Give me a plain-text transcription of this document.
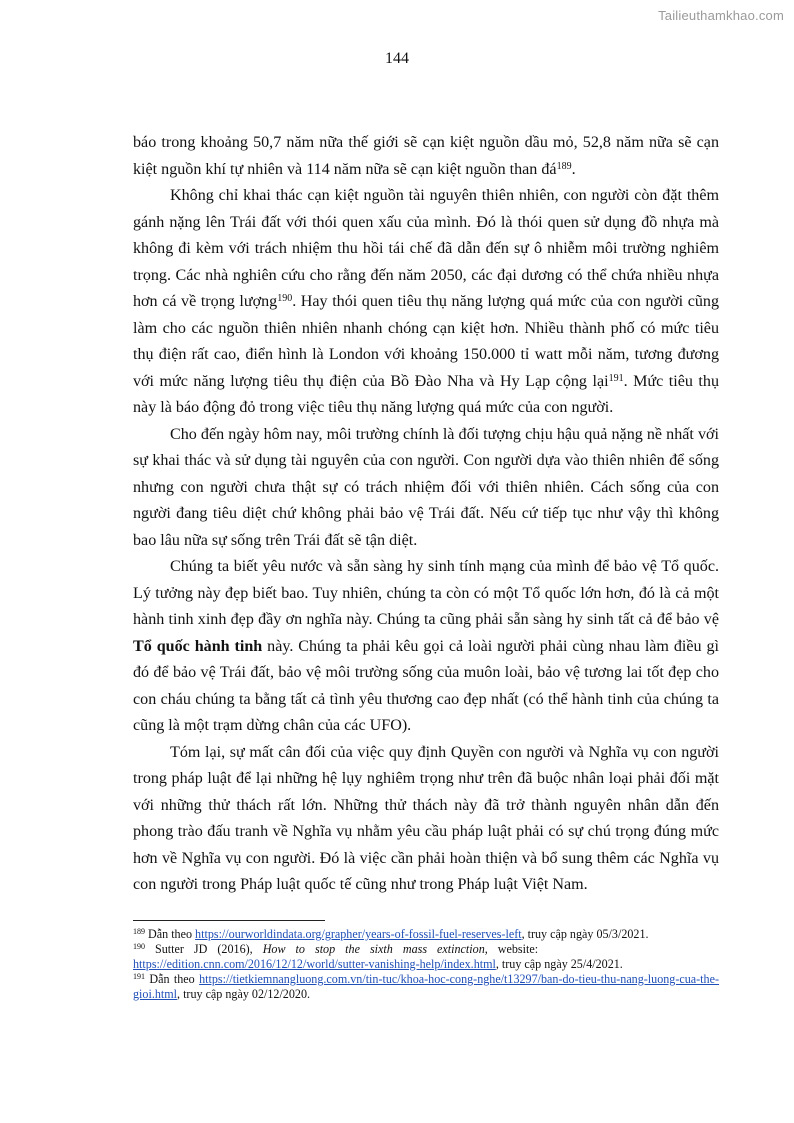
Tailieuthamkhao.com
144

báo trong khoảng 50,7 năm nữa thế giới sẽ cạn kiệt nguồn dầu mỏ, 52,8 năm nữa sẽ cạn kiệt nguồn khí tự nhiên và 114 năm nữa sẽ cạn kiệt nguồn than $đá^{189}$.

Không chỉ khai thác cạn kiệt nguồn tài nguyên thiên nhiên, con người còn đặt thêm gánh nặng lên Trái đất với thói quen xấu của mình. Đó là thói quen sử dụng đồ nhựa mà không đi kèm với trách nhiệm thu hồi tái chế đã dẫn đến sự ô nhiễm môi trường nghiêm trọng. Các nhà nghiên cứu cho rằng đến năm 2050, các đại dương có thể chứa nhiều nhựa hơn cá về trọng lượng$^{190}$. Hay thói quen tiêu thụ năng lượng quá mức của con người cũng làm cho các nguồn thiên nhiên nhanh chóng cạn kiệt hơn. Nhiều thành phố có mức tiêu thụ điện rất cao, điển hình là London với khoảng 150.000 tỉ watt mỗi năm, tương đương với mức năng lượng tiêu thụ điện của Bồ Đào Nha và Hy Lạp cộng lại$^{191}$. Mức tiêu thụ này là báo động đỏ trong việc tiêu thụ năng lượng quá mức của con người.

Cho đến ngày hôm nay, môi trường chính là đối tượng chịu hậu quả nặng nề nhất với sự khai thác và sử dụng tài nguyên của con người. Con người dựa vào thiên nhiên để sống nhưng con người chưa thật sự có trách nhiệm đối với thiên nhiên. Cách sống của con người đang tiêu diệt chứ không phải bảo vệ Trái đất. Nếu cứ tiếp tục như vậy thì không bao lâu nữa sự sống trên Trái đất sẽ tận diệt.

Chúng ta biết yêu nước và sẵn sàng hy sinh tính mạng của mình để bảo vệ Tổ quốc. Lý tưởng này đẹp biết bao. Tuy nhiên, chúng ta còn có một Tổ quốc lớn hơn, đó là cả một hành tinh xinh đẹp đầy ơn nghĩa này. Chúng ta cũng phải sẵn sàng hy sinh tất cả để bảo vệ Tổ quốc hành tinh này. Chúng ta phải kêu gọi cả loài người phải cùng nhau làm điều gì đó để bảo vệ Trái đất, bảo vệ môi trường sống của muôn loài, bảo vệ tương lai tốt đẹp cho con cháu chúng ta bằng tất cả tình yêu thương cao đẹp nhất (có thể hành tinh của chúng ta cũng là một trạm dừng chân của các UFO).

Tóm lại, sự mất cân đối của việc quy định Quyền con người và Nghĩa vụ con người trong pháp luật để lại những hệ lụy nghiêm trọng như trên đã buộc nhân loại phải đối mặt với những thử thách rất lớn. Những thử thách này đã trở thành nguyên nhân dẫn đến phong trào đấu tranh về Nghĩa vụ nhằm yêu cầu pháp luật phải có sự chú trọng đúng mức hơn về Nghĩa vụ con người. Đó là việc cần phải hoàn thiện và bổ sung thêm các Nghĩa vụ con người trong Pháp luật quốc tế cũng như trong Pháp luật Việt Nam.

$^{189}$ Dẫn theo https://ourworldindata.org/grapher/years-of-fossil-fuel-reserves-left, truy cập ngày 05/3/2021.

$^{190}$ Sutter JD (2016), How to stop the sixth mass extinction, website:

https://edition.cnn.com/2016/12/12/world/sutter-vanishing-help/index.html, truy cập ngày 25/4/2021.

$^{191}$ Dẫn theo https://tietkiemnangluong.com.vn/tin-tuc/khoa-hoc-cong-nghe/t13297/ban-do-tieu-thu-nang-luong-cua-the-gioi.html, truy cập ngày 02/12/2020.
